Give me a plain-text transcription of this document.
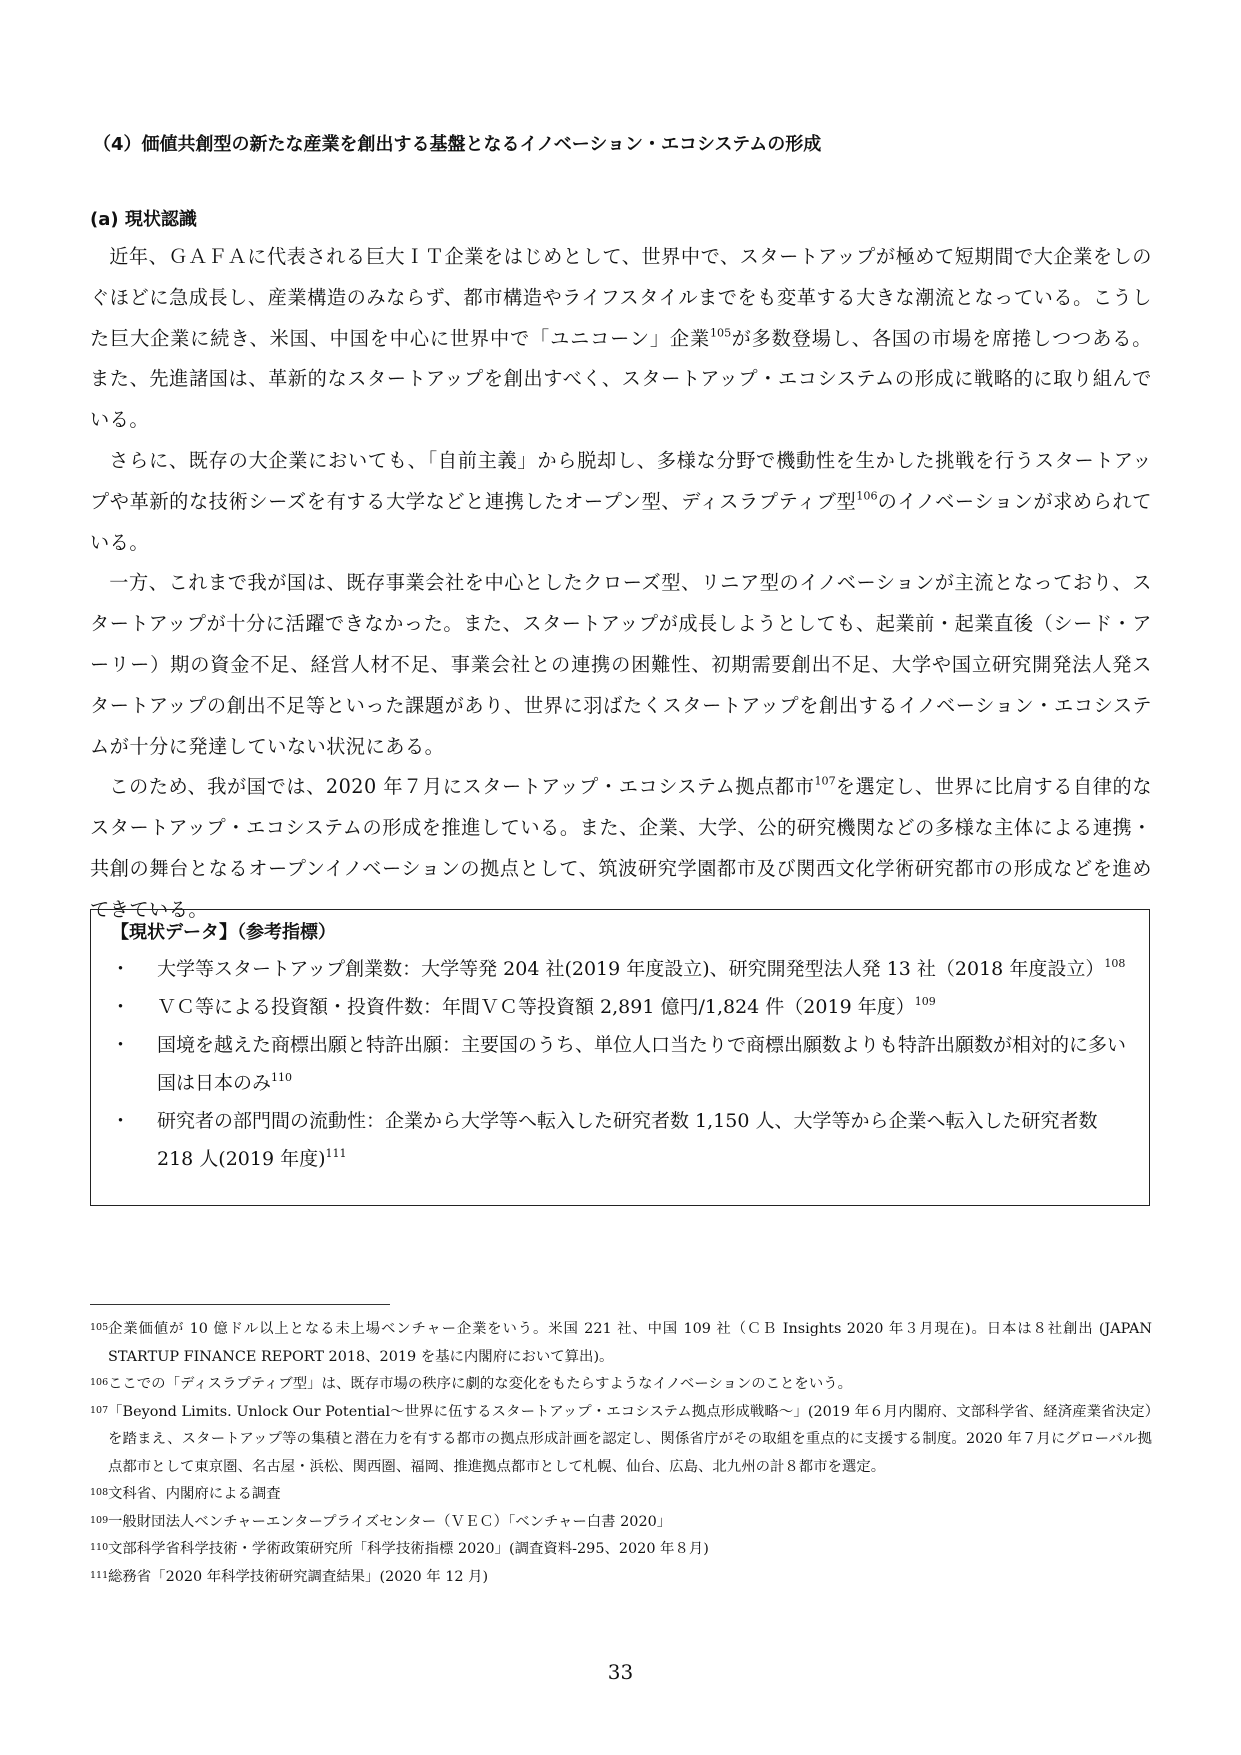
（4）価値共創型の新たな産業を創出する基盤となるイノベーション・エコシステムの形成
(a) 現状認識

近年、ＧＡＦＡに代表される巨大ＩＴ企業をはじめとして、世界中で、スタートアップが極めて短期間で大企業をしのぐほどに急成長し、産業構造のみならず、都市構造やライフスタイルまでをも変革する大きな潮流となっている。こうした巨大企業に続き、米国、中国を中心に世界中で「ユニコーン」企業$^{105}$が多数登場し、各国の市場を席捲しつつある。また、先進諸国は、革新的なスタートアップを創出すべく、スタートアップ・エコシステムの形成に戦略的に取り組んでいる。

さらに、既存の大企業においても、「自前主義」から脱却し、多様な分野で機動性を生かした挑戦を行うスタートアップや革新的な技術シーズを有する大学などと連携したオープン型、ディスラプティブ型$^{106}$のイノベーションが求められている。

一方、これまで我が国は、既存事業会社を中心としたクローズ型、リニア型のイノベーションが主流となっており、スタートアップが十分に活躍できなかった。また、スタートアップが成長しようとしても、起業前・起業直後（シード・アーリー）期の資金不足、経営人材不足、事業会社との連携の困難性、初期需要創出不足、大学や国立研究開発法人発スタートアップの創出不足等といった課題があり、世界に羽ばたくスタートアップを創出するイノベーション・エコシステムが十分に発達していない状況にある。

このため、我が国では、2020 年７月にスタートアップ・エコシステム拠点都市$^{107}$を選定し、世界に比肩する自律的なスタートアップ・エコシステムの形成を推進している。また、企業、大学、公的研究機関などの多様な主体による連携・共創の舞台となるオープンイノベーションの拠点として、筑波研究学園都市及び関西文化学術研究都市の形成などを進めてきている。

【現状データ】（参考指標）

・ 大学等スタートアップ創業数：大学等発 204 社(2019 年度設立)、研究開発型法人発 13 社（2018 年度設立）$^{108}$
・ ＶＣ等による投資額・投資件数：年間ＶＣ等投資額 2,891 億円/1,824 件（2019 年度）$^{109}$
・ 国境を越えた商標出願と特許出願：主要国のうち、単位人口当たりで商標出願数よりも特許出願数が相対的に多い国は日本のみ$^{110}$
・ 研究者の部門間の流動性：企業から大学等へ転入した研究者数 1,150 人、大学等から企業へ転入した研究者数 218 人(2019 年度)$^{111}$
105 企業価値が 10 億ドル以上となる未上場ベンチャー企業をいう。米国 221 社、中国 109 社（ＣＢ Insights 2020 年３月現在)。日本は８社創出 (JAPAN STARTUP FINANCE REPORT 2018、2019 を基に内閣府において算出)。
106 ここでの「ディスラプティブ型」は、既存市場の秩序に劇的な変化をもたらすようなイノベーションのことをいう。
107 「Beyond Limits. Unlock Our Potential～世界に伍するスタートアップ・エコシステム拠点形成戦略～」(2019 年６月内閣府、文部科学省、経済産業省決定）を踏まえ、スタートアップ等の集積と潜在力を有する都市の拠点形成計画を認定し、関係省庁がその取組を重点的に支援する制度。2020 年７月にグローバル拠点都市として東京圏、名古屋・浜松、関西圏、福岡、推進拠点都市として札幌、仙台、広島、北九州の計８都市を選定。
108 文科省、内閣府による調査
109 一般財団法人ベンチャーエンタープライズセンター（ＶＥＣ）「ベンチャー白書 2020」
110 文部科学省科学技術・学術政策研究所「科学技術指標 2020」(調査資料-295、2020 年８月)
111 総務省「2020 年科学技術研究調査結果」(2020 年 12 月)
33
